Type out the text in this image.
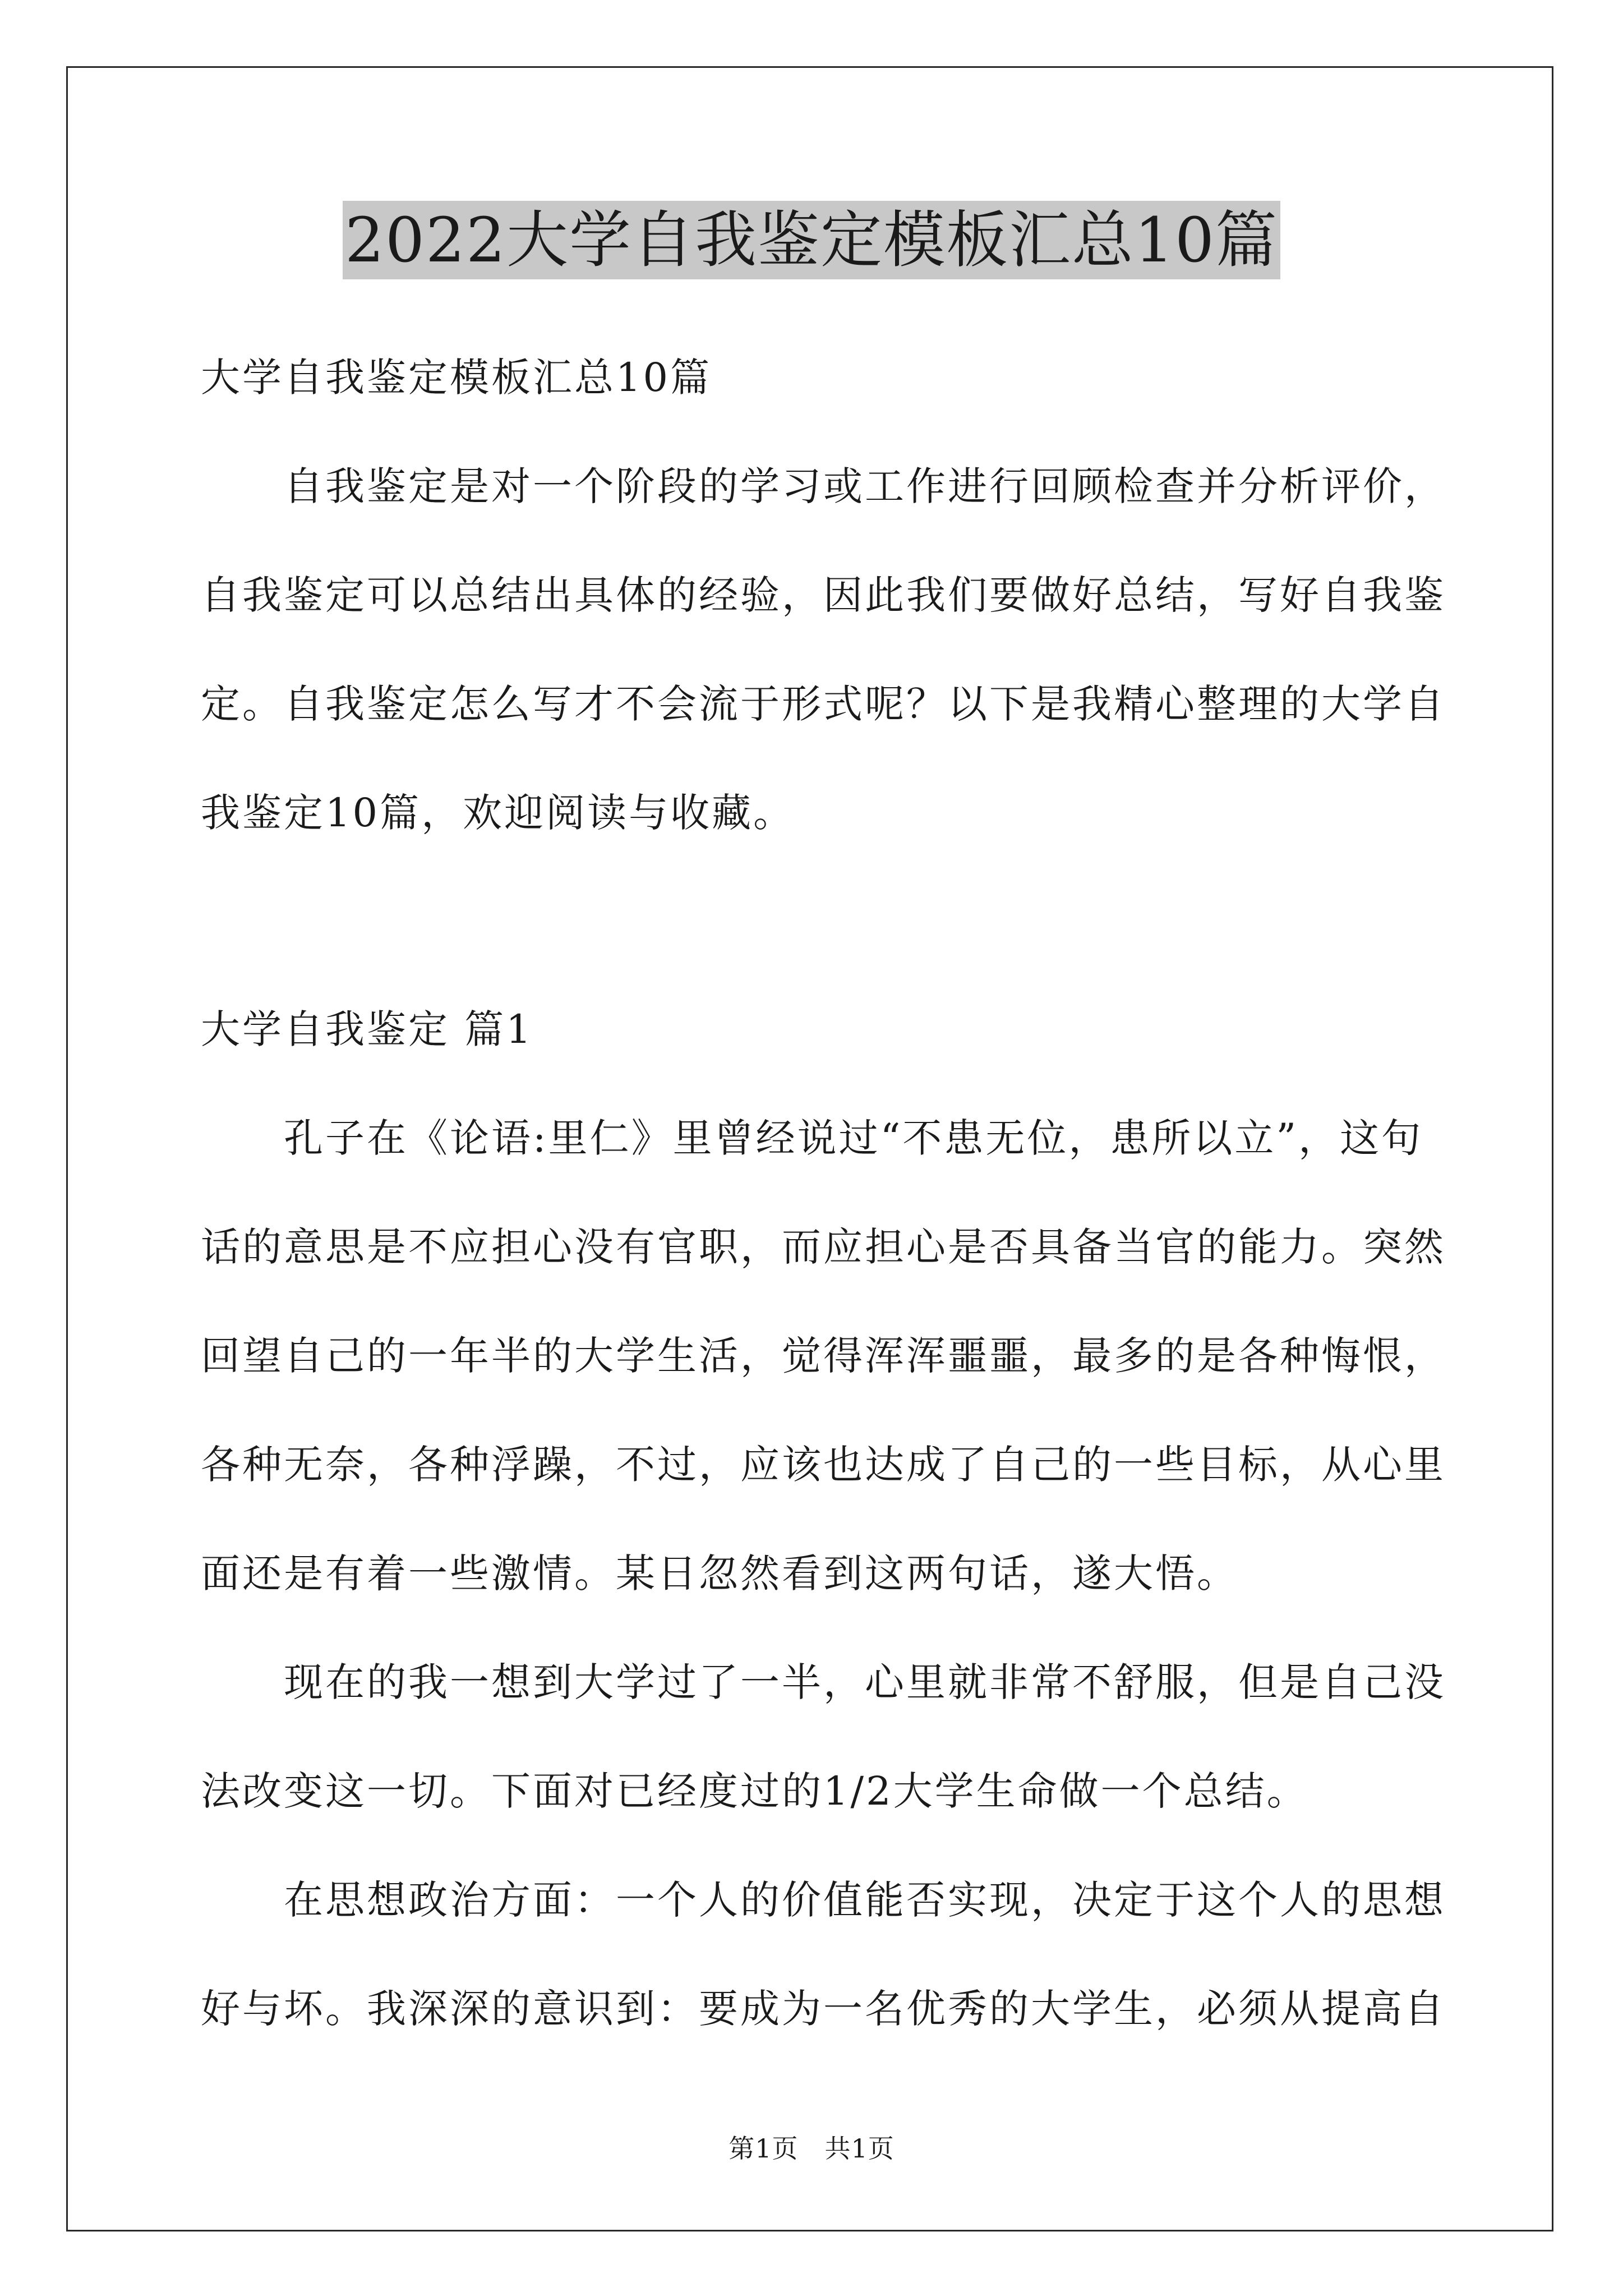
2022大学自我鉴定模板汇总10篇
大学自我鉴定模板汇总10篇
　　自我鉴定是对一个阶段的学习或工作进行回顾检查并分析评价，
自我鉴定可以总结出具体的经验，因此我们要做好总结，写好自我鉴
定。自我鉴定怎么写才不会流于形式呢？以下是我精心整理的大学自
我鉴定10篇，欢迎阅读与收藏。
大学自我鉴定 篇1
　　孔子在《论语:里仁》里曾经说过“不患无位，患所以立”，这句
话的意思是不应担心没有官职，而应担心是否具备当官的能力。突然
回望自己的一年半的大学生活，觉得浑浑噩噩，最多的是各种悔恨，
各种无奈，各种浮躁，不过，应该也达成了自己的一些目标，从心里
面还是有着一些激情。某日忽然看到这两句话，遂大悟。
　　现在的我一想到大学过了一半，心里就非常不舒服，但是自己没
法改变这一切。下面对已经度过的1/2大学生命做一个总结。
　　在思想政治方面：一个人的价值能否实现，决定于这个人的思想
好与坏。我深深的意识到：要成为一名优秀的大学生，必须从提高自
第1页　共1页
